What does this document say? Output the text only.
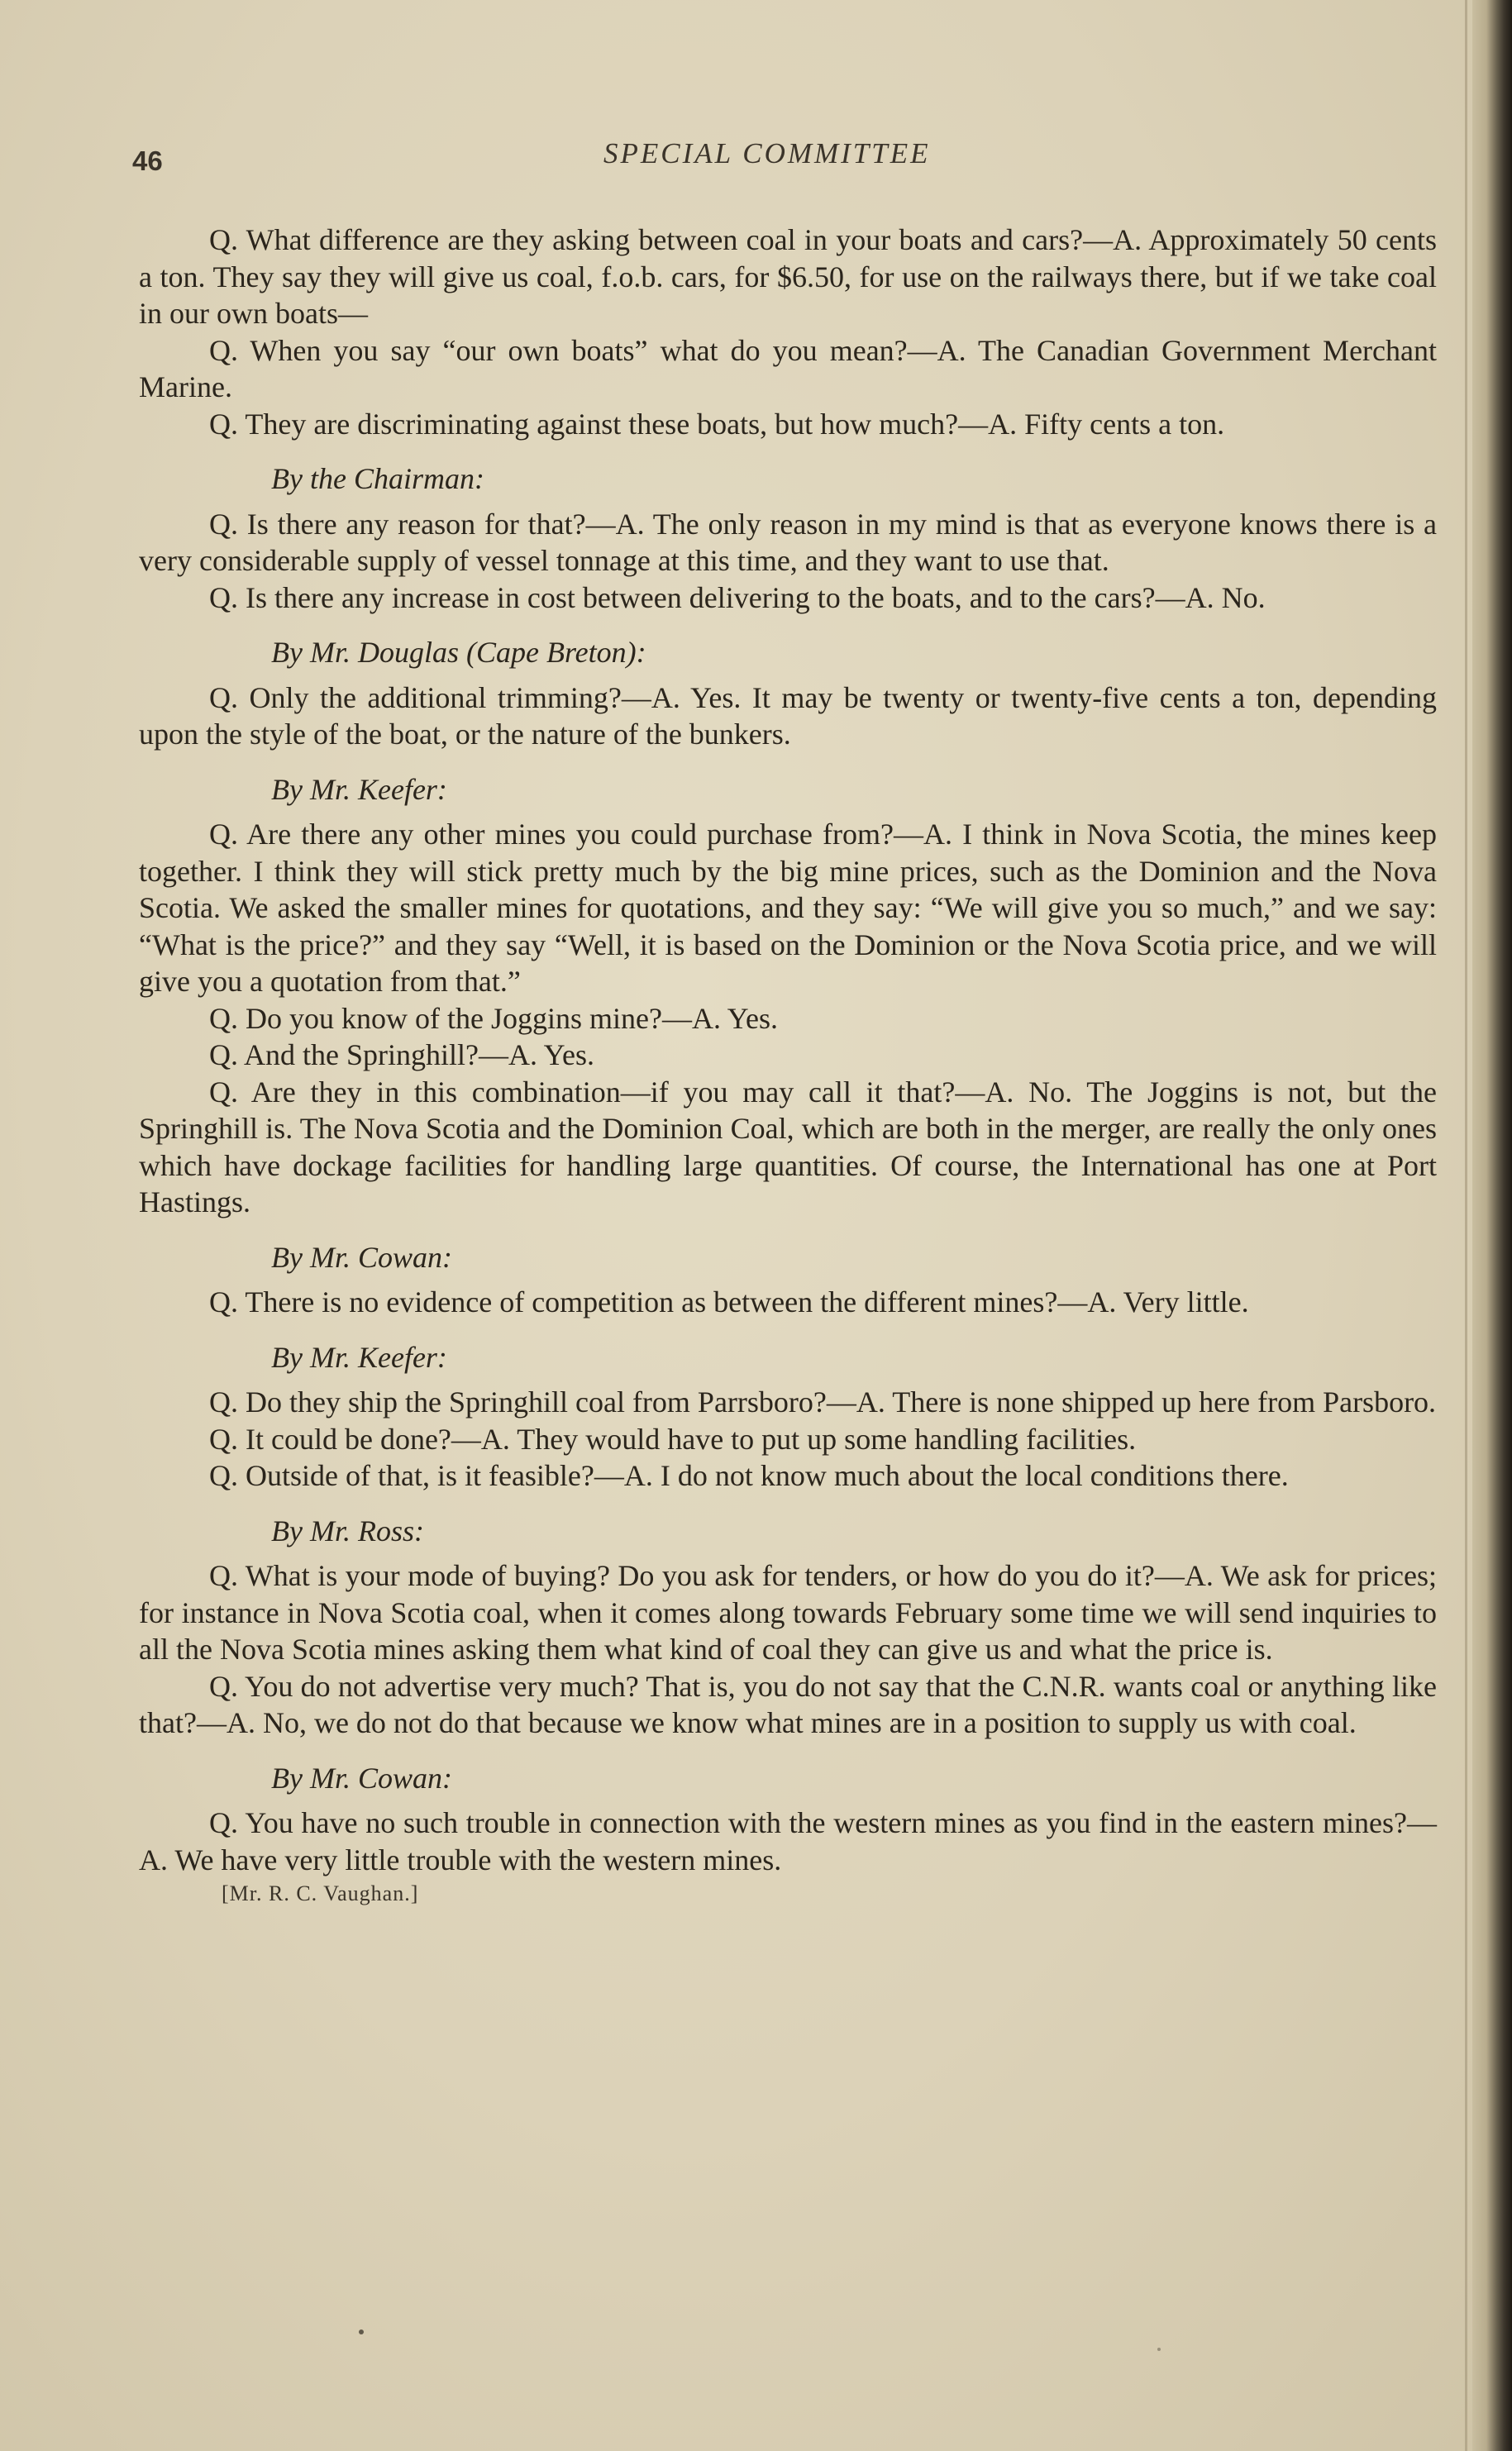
46	SPECIAL COMMITTEE

Q. What difference are they asking between coal in your boats and cars?—A. Approximately 50 cents a ton. They say they will give us coal, f.o.b. cars, for $6.50, for use on the railways there, but if we take coal in our own boats—

Q. When you say “our own boats” what do you mean?—A. The Canadian Government Merchant Marine.

Q. They are discriminating against these boats, but how much?—A. Fifty cents a ton.

By the Chairman:

Q. Is there any reason for that?—A. The only reason in my mind is that as everyone knows there is a very considerable supply of vessel tonnage at this time, and they want to use that.

Q. Is there any increase in cost between delivering to the boats, and to the cars?—A. No.

By Mr. Douglas (Cape Breton):

Q. Only the additional trimming?—A. Yes. It may be twenty or twenty-five cents a ton, depending upon the style of the boat, or the nature of the bunkers.

By Mr. Keefer:

Q. Are there any other mines you could purchase from?—A. I think in Nova Scotia, the mines keep together. I think they will stick pretty much by the big mine prices, such as the Dominion and the Nova Scotia. We asked the smaller mines for quotations, and they say: “We will give you so much,” and we say: “What is the price?” and they say “Well, it is based on the Dominion or the Nova Scotia price, and we will give you a quotation from that.”

Q. Do you know of the Joggins mine?—A. Yes.

Q. And the Springhill?—A. Yes.

Q. Are they in this combination—if you may call it that?—A. No. The Joggins is not, but the Springhill is. The Nova Scotia and the Dominion Coal, which are both in the merger, are really the only ones which have dockage facilities for handling large quantities. Of course, the International has one at Port Hastings.

By Mr. Cowan:

Q. There is no evidence of competition as between the different mines?—A. Very little.

By Mr. Keefer:

Q. Do they ship the Springhill coal from Parrsboro?—A. There is none shipped up here from Parsboro.

Q. It could be done?—A. They would have to put up some handling facilities.

Q. Outside of that, is it feasible?—A. I do not know much about the local conditions there.

By Mr. Ross:

Q. What is your mode of buying? Do you ask for tenders, or how do you do it?—A. We ask for prices; for instance in Nova Scotia coal, when it comes along towards February some time we will send inquiries to all the Nova Scotia mines asking them what kind of coal they can give us and what the price is.

Q. You do not advertise very much? That is, you do not say that the C.N.R. wants coal or anything like that?—A. No, we do not do that because we know what mines are in a position to supply us with coal.

By Mr. Cowan:

Q. You have no such trouble in connection with the western mines as you find in the eastern mines?—A. We have very little trouble with the western mines.

[Mr. R. C. Vaughan.]
